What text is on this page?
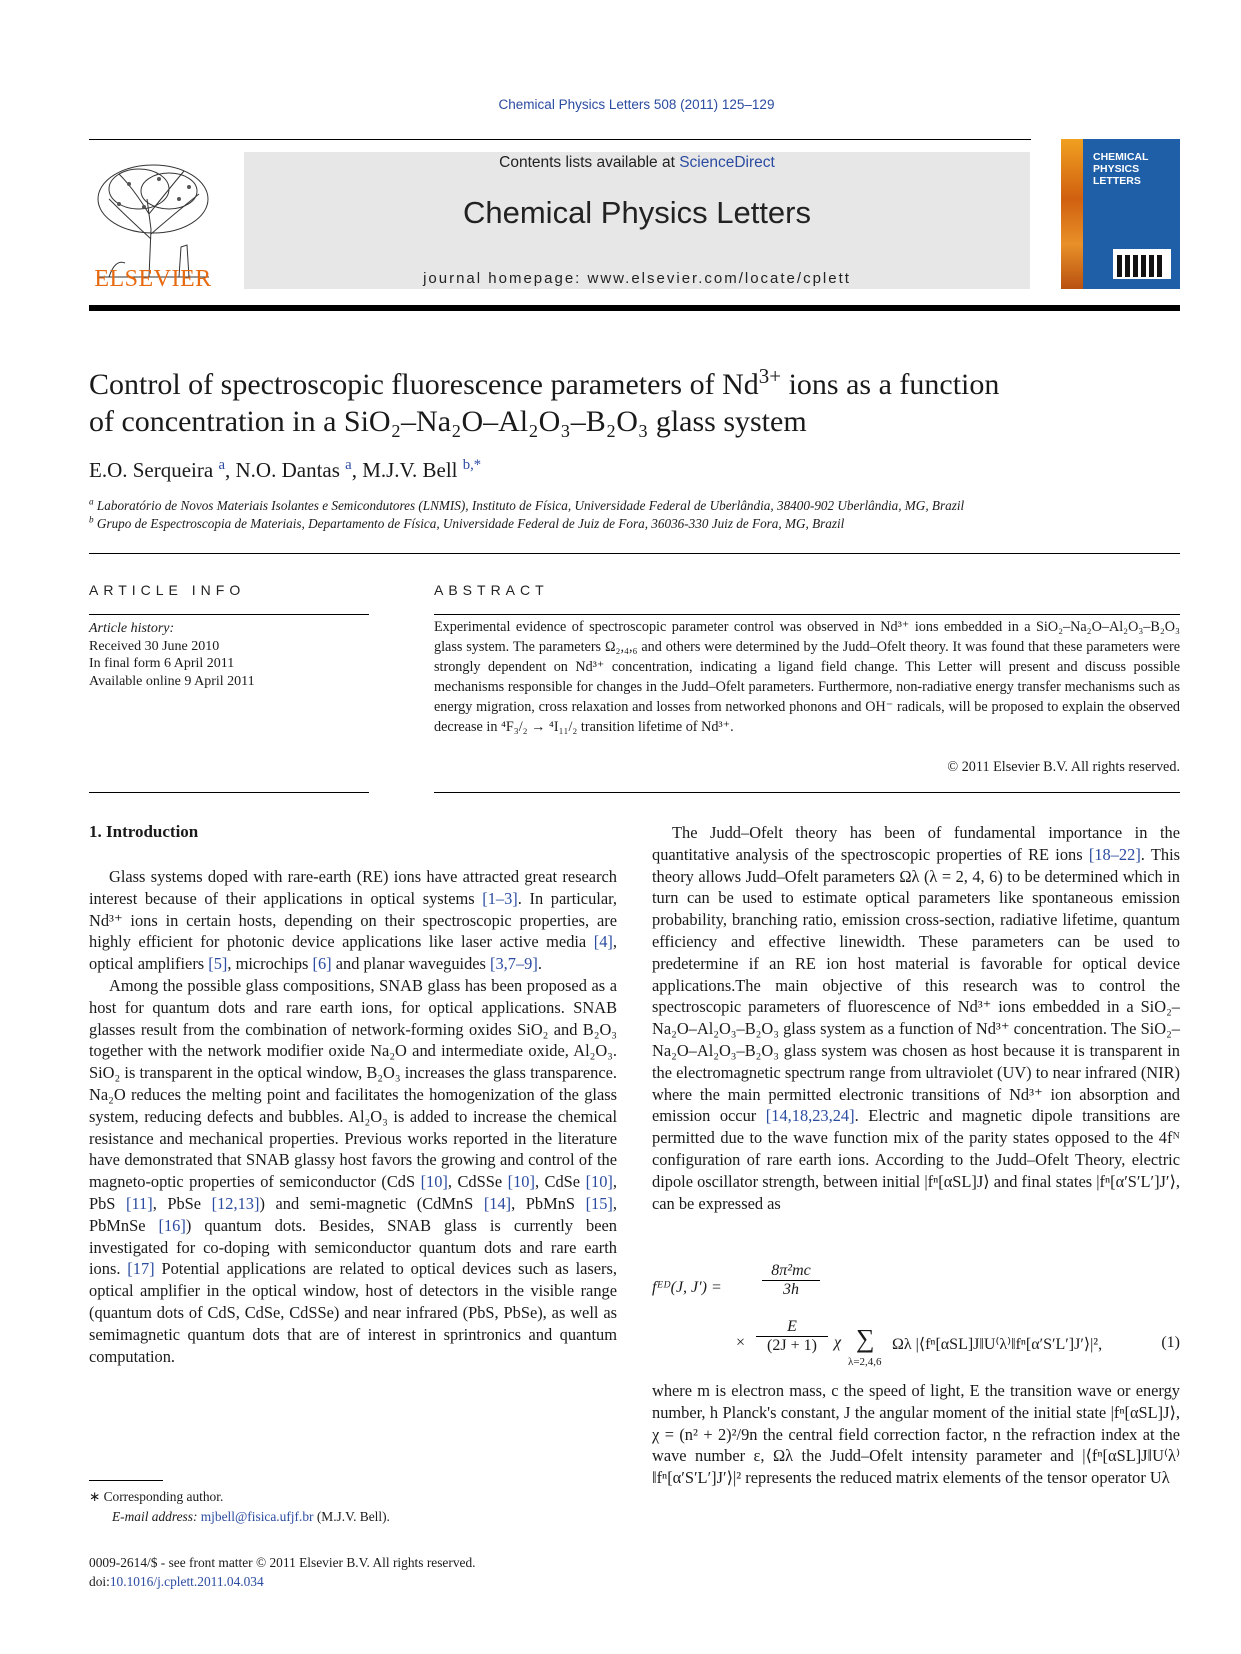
Chemical Physics Letters 508 (2011) 125–129
ELSEVIER
Contents lists available at ScienceDirect
Chemical Physics Letters
journal homepage: www.elsevier.com/locate/cplett
CHEMICAL PHYSICS LETTERS
Control of spectroscopic fluorescence parameters of $Nd^{3+}$ ions as a function
of concentration in a SiO₂–Na₂O–Al₂O₃–B₂O₃ glass system
E.O. Serqueira $^a$, N.O. Dantas $^a$, M.J.V. Bell $^{b,*}$
$^a$ Laboratório de Novos Materiais Isolantes e Semicondutores (LNMIS), Instituto de Física, Universidade Federal de Uberlândia, 38400-902 Uberlândia, MG, Brazil
$^b$ Grupo de Espectroscopia de Materiais, Departamento de Física, Universidade Federal de Juiz de Fora, 36036-330 Juiz de Fora, MG, Brazil
ARTICLE INFO
Article history:
Received 30 June 2010
In final form 6 April 2011
Available online 9 April 2011
ABSTRACT
Experimental evidence of spectroscopic parameter control was observed in Nd³⁺ ions embedded in a SiO₂–Na₂O–Al₂O₃–B₂O₃ glass system. The parameters Ω₂,₄,₆ and others were determined by the Judd–Ofelt theory. It was found that these parameters were strongly dependent on Nd³⁺ concentration, indicating a ligand field change. This Letter will present and discuss possible mechanisms responsible for changes in the Judd–Ofelt parameters. Furthermore, non-radiative energy transfer mechanisms such as energy migration, cross relaxation and losses from networked phonons and OH⁻ radicals, will be proposed to explain the observed decrease in ⁴F₃/₂ → ⁴I₁₁/₂ transition lifetime of Nd³⁺.
© 2011 Elsevier B.V. All rights reserved.
1. Introduction

Glass systems doped with rare-earth (RE) ions have attracted great research interest because of their applications in optical systems [1–3]. In particular, Nd³⁺ ions in certain hosts, depending on their spectroscopic properties, are highly efficient for photonic device applications like laser active media [4], optical amplifiers [5], microchips [6] and planar waveguides [3,7–9].

Among the possible glass compositions, SNAB glass has been proposed as a host for quantum dots and rare earth ions, for optical applications. SNAB glasses result from the combination of network-forming oxides SiO₂ and B₂O₃ together with the network modifier oxide Na₂O and intermediate oxide, Al₂O₃. SiO₂ is transparent in the optical window, B₂O₃ increases the glass transparence. Na₂O reduces the melting point and facilitates the homogenization of the glass system, reducing defects and bubbles. Al₂O₃ is added to increase the chemical resistance and mechanical properties. Previous works reported in the literature have demonstrated that SNAB glassy host favors the growing and control of the magneto-optic properties of semiconductor (CdS [10], CdSSe [10], CdSe [10], PbS [11], PbSe [12,13]) and semi-magnetic (CdMnS [14], PbMnS [15], PbMnSe [16]) quantum dots. Besides, SNAB glass is currently been investigated for co-doping with semiconductor quantum dots and rare earth ions. [17] Potential applications are related to optical devices such as lasers, optical amplifier in the optical window, host of detectors in the visible range (quantum dots of CdS, CdSe, CdSSe) and near infrared (PbS, PbSe), as well as semimagnetic quantum dots that are of interest in sprintronics and quantum computation.

The Judd–Ofelt theory has been of fundamental importance in the quantitative analysis of the spectroscopic properties of RE ions [18–22]. This theory allows Judd–Ofelt parameters Ωλ (λ = 2, 4, 6) to be determined which in turn can be used to estimate optical parameters like spontaneous emission probability, branching ratio, emission cross-section, radiative lifetime, quantum efficiency and effective linewidth. These parameters can be used to predetermine if an RE ion host material is favorable for optical device applications.The main objective of this research was to control the spectroscopic parameters of fluorescence of Nd³⁺ ions embedded in a SiO₂–Na₂O–Al₂O₃–B₂O₃ glass system as a function of Nd³⁺ concentration. The SiO₂–Na₂O–Al₂O₃–B₂O₃ glass system was chosen as host because it is transparent in the electromagnetic spectrum range from ultraviolet (UV) to near infrared (NIR) where the main permitted electronic transitions of Nd³⁺ ion absorption and emission occur [14,18,23,24]. Electric and magnetic dipole transitions are permitted due to the wave function mix of the parity states opposed to the 4fᴺ configuration of rare earth ions. According to the Judd–Ofelt Theory, electric dipole oscillator strength, between initial |fⁿ[αSL]J⟩ and final states |fⁿ[α′S′L′]J′⟩, can be expressed as

fᴱᴰ(J, J′) =	$\frac{\text{8π²mc}}{3h}$
× $\frac{E}{(2J + 1)}$ χ ∑
λ=2,4,6
Ωλ |⟨fⁿ[αSL]J‖U⁽λ⁾‖fⁿ[α′S′L′]J′⟩|²,	(1)

where m is electron mass, c the speed of light, E the transition wave or energy number, h Planck's constant, J the angular moment of the initial state |fⁿ[αSL]J⟩, χ = (n² + 2)²/9n the central field correction factor, n the refraction index at the wave number ε, Ωλ the Judd–Ofelt intensity parameter and |⟨fⁿ[αSL]J‖U⁽λ⁾‖fⁿ[α′S′L′]J′⟩|² represents the reduced matrix elements of the tensor operator Uλ

∗ Corresponding author.
E-mail address: mjbell@fisica.ufjf.br (M.J.V. Bell).
0009-2614/$ - see front matter © 2011 Elsevier B.V. All rights reserved.
doi:10.1016/j.cplett.2011.04.034
